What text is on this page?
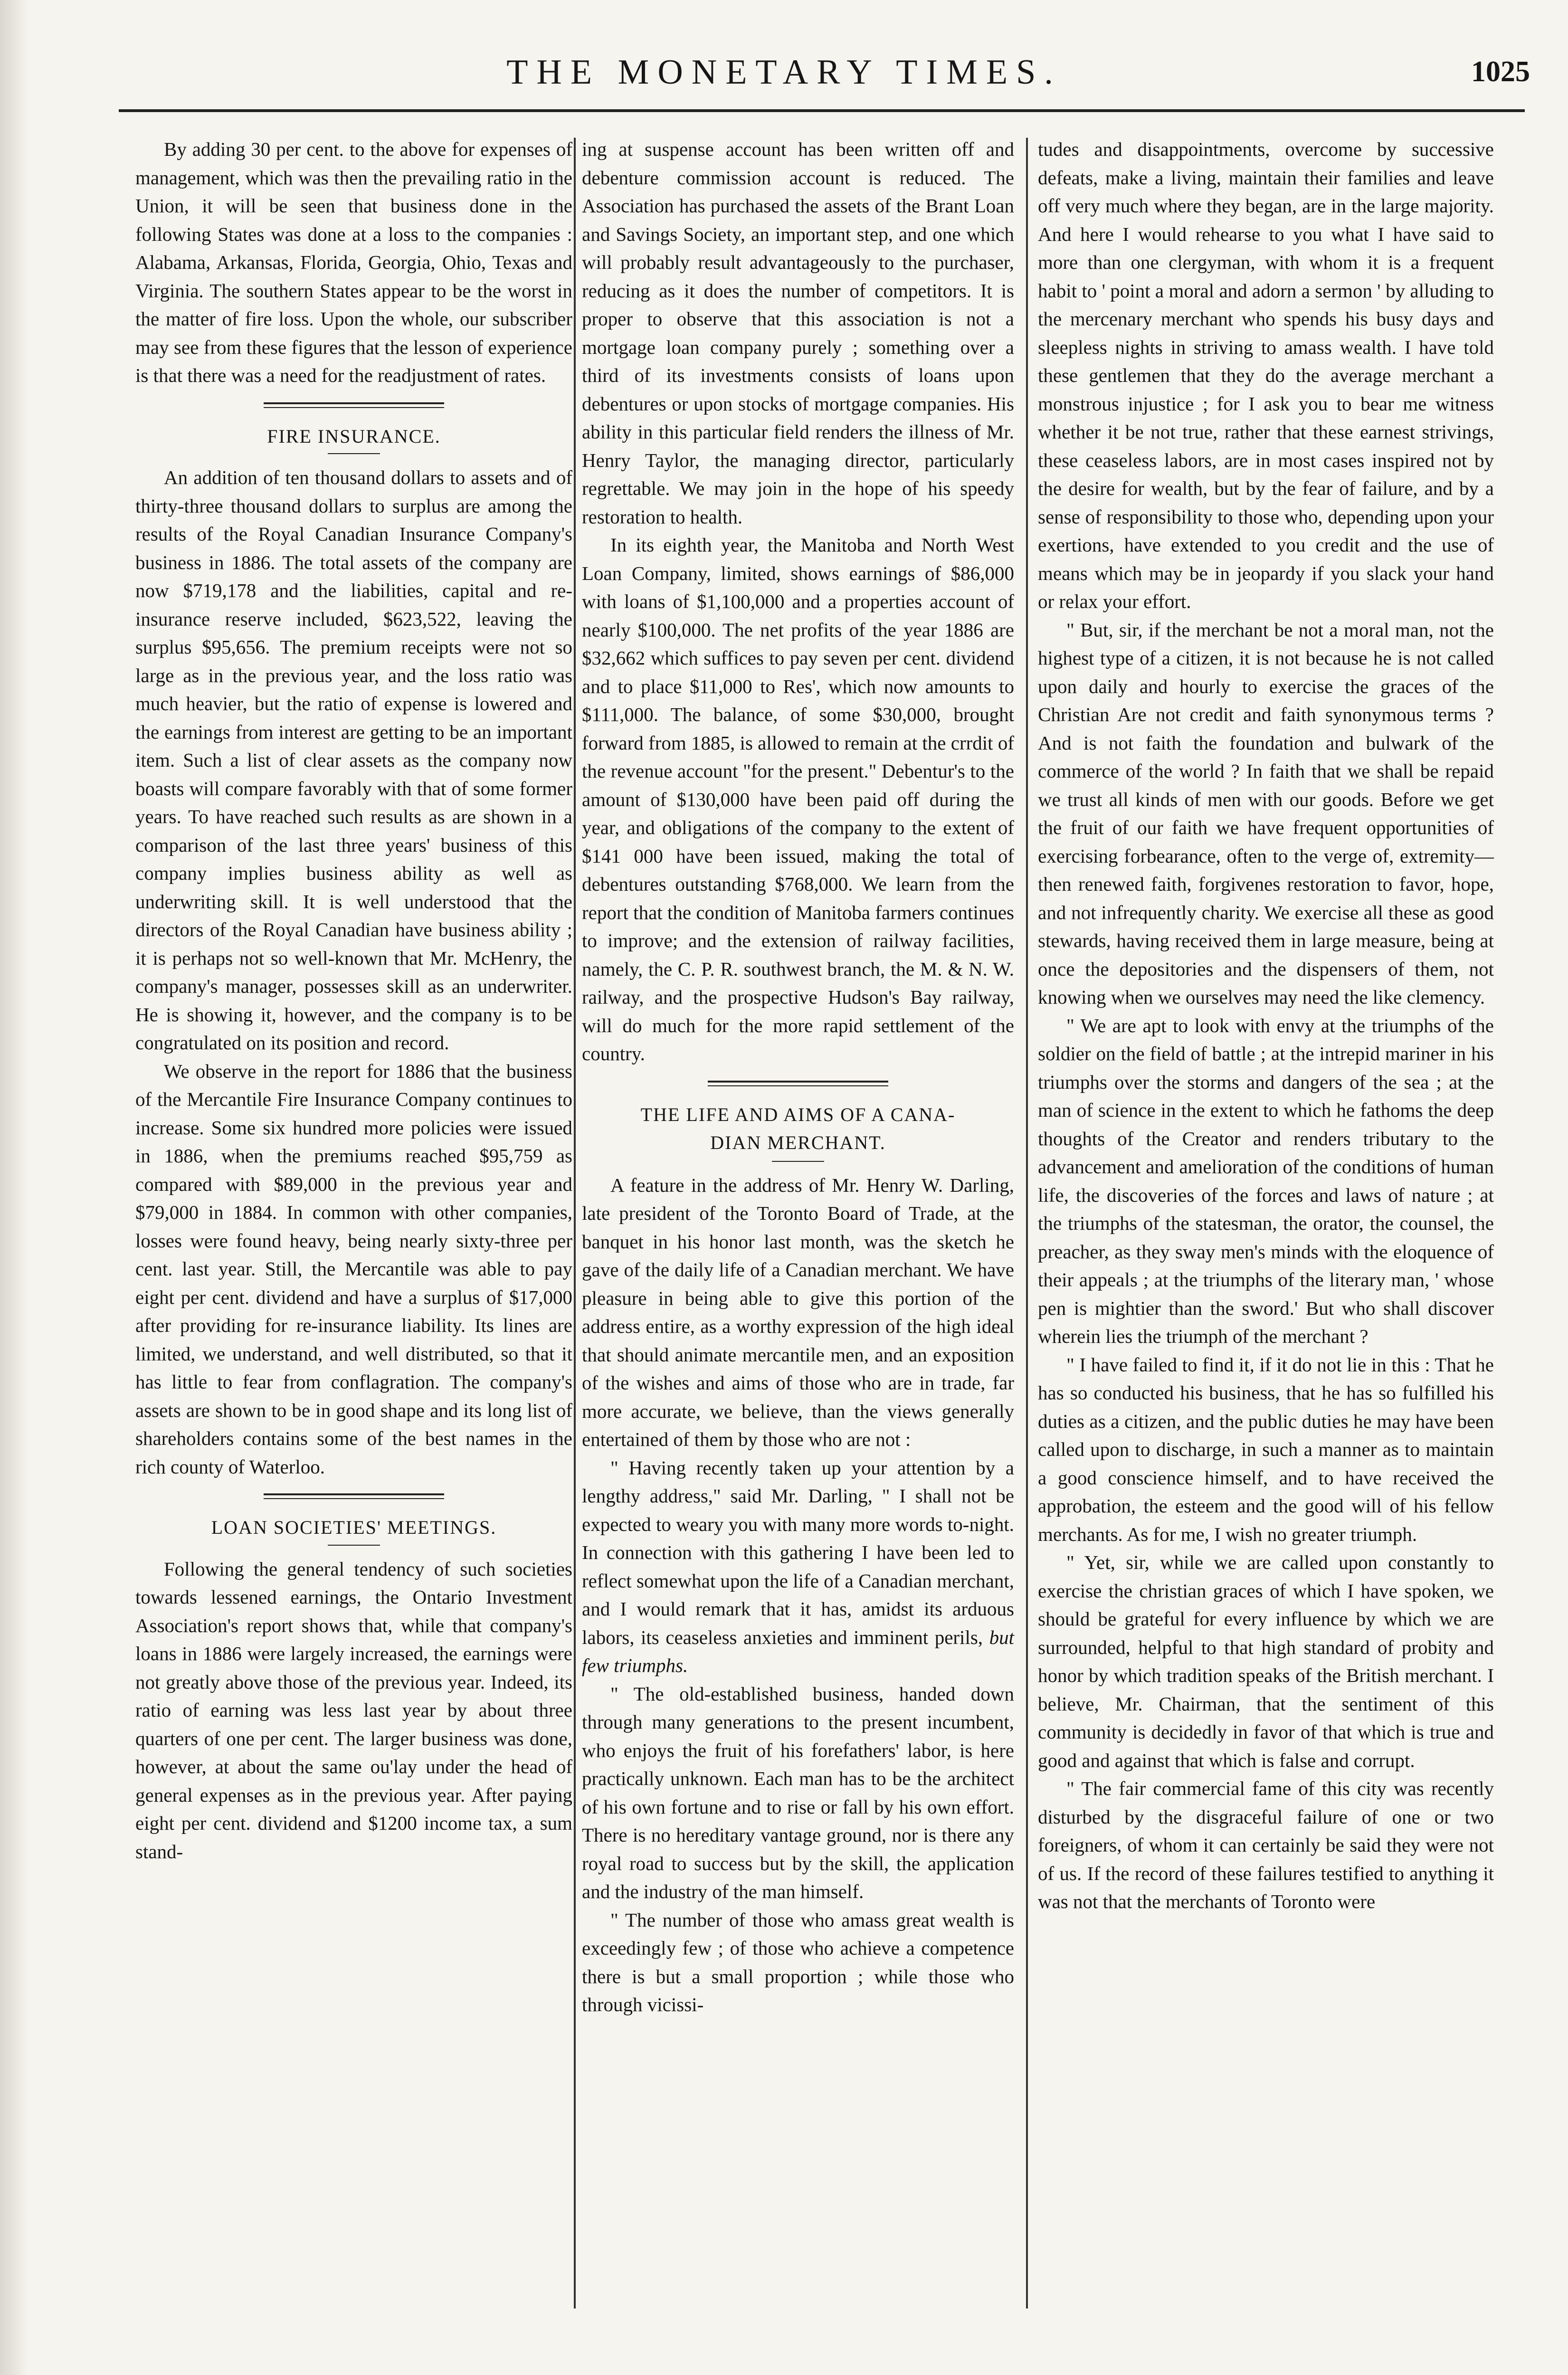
THE MONETARY TIMES.	1025

By adding 30 per cent. to the above for expenses of management, which was then the prevailing ratio in the Union, it will be seen that business done in the following States was done at a loss to the companies : Alabama, Arkansas, Florida, Georgia, Ohio, Texas and Virginia. The southern States appear to be the worst in the matter of fire loss. Upon the whole, our subscriber may see from these figures that the lesson of experience is that there was a need for the readjustment of rates.

FIRE INSURANCE.

An addition of ten thousand dollars to assets and of thirty-three thousand dollars to surplus are among the results of the Royal Canadian Insurance Company's business in 1886. The total assets of the company are now $719,178 and the liabilities, capital and re-insurance reserve included, $623,522, leaving the surplus $95,656. The premium receipts were not so large as in the previous year, and the loss ratio was much heavier, but the ratio of expense is lowered and the earnings from interest are getting to be an important item. Such a list of clear assets as the company now boasts will compare favorably with that of some former years. To have reached such results as are shown in a comparison of the last three years' business of this company implies business ability as well as underwriting skill. It is well understood that the directors of the Royal Canadian have business ability ; it is perhaps not so well-known that Mr. McHenry, the company's manager, possesses skill as an underwriter. He is showing it, however, and the company is to be congratulated on its position and record.

We observe in the report for 1886 that the business of the Mercantile Fire Insurance Company continues to increase. Some six hundred more policies were issued in 1886, when the premiums reached $95,759 as compared with $89,000 in the previous year and $79,000 in 1884. In common with other companies, losses were found heavy, being nearly sixty-three per cent. last year. Still, the Mercantile was able to pay eight per cent. dividend and have a surplus of $17,000 after providing for re-insurance liability. Its lines are limited, we understand, and well distributed, so that it has little to fear from conflagration. The company's assets are shown to be in good shape and its long list of shareholders contains some of the best names in the rich county of Waterloo.

LOAN SOCIETIES' MEETINGS.

Following the general tendency of such societies towards lessened earnings, the Ontario Investment Association's report shows that, while that company's loans in 1886 were largely increased, the earnings were not greatly above those of the previous year. Indeed, its ratio of earning was less last year by about three quarters of one per cent. The larger business was done, however, at about the same ou'lay under the head of general expenses as in the previous year. After paying eight per cent. dividend and $1200 income tax, a sum stand-

ing at suspense account has been written off and debenture commission account is reduced. The Association has purchased the assets of the Brant Loan and Savings Society, an important step, and one which will probably result advantageously to the purchaser, reducing as it does the number of competitors. It is proper to observe that this association is not a mortgage loan company purely ; something over a third of its investments consists of loans upon debentures or upon stocks of mortgage companies. His ability in this particular field renders the illness of Mr. Henry Taylor, the managing director, particularly regrettable. We may join in the hope of his speedy restoration to health.

In its eighth year, the Manitoba and North West Loan Company, limited, shows earnings of $86,000 with loans of $1,100,000 and a properties account of nearly $100,000. The net profits of the year 1886 are $32,662 which suffices to pay seven per cent. dividend and to place $11,000 to Res', which now amounts to $111,000. The balance, of some $30,000, brought forward from 1885, is allowed to remain at the crrdit of the revenue account "for the present." Debentur's to the amount of $130,000 have been paid off during the year, and obligations of the company to the extent of $141 000 have been issued, making the total of debentures outstanding $768,000. We learn from the report that the condition of Manitoba farmers continues to improve; and the extension of railway facilities, namely, the C. P. R. southwest branch, the M. & N. W. railway, and the prospective Hudson's Bay railway, will do much for the more rapid settlement of the country.

THE LIFE AND AIMS OF A CANA-
DIAN MERCHANT.

A feature in the address of Mr. Henry W. Darling, late president of the Toronto Board of Trade, at the banquet in his honor last month, was the sketch he gave of the daily life of a Canadian merchant. We have pleasure in being able to give this portion of the address entire, as a worthy expression of the high ideal that should animate mercantile men, and an exposition of the wishes and aims of those who are in trade, far more accurate, we believe, than the views generally entertained of them by those who are not :

" Having recently taken up your attention by a lengthy address," said Mr. Darling, " I shall not be expected to weary you with many more words to-night. In connection with this gathering I have been led to reflect somewhat upon the life of a Canadian merchant, and I would remark that it has, amidst its arduous labors, its ceaseless anxieties and imminent perils, but few triumphs.

" The old-established business, handed down through many generations to the present incumbent, who enjoys the fruit of his forefathers' labor, is here practically unknown. Each man has to be the architect of his own fortune and to rise or fall by his own effort. There is no hereditary vantage ground, nor is there any royal road to success but by the skill, the application and the industry of the man himself.

" The number of those who amass great wealth is exceedingly few ; of those who achieve a competence there is but a small proportion ; while those who through vicissi-

tudes and disappointments, overcome by successive defeats, make a living, maintain their families and leave off very much where they began, are in the large majority. And here I would rehearse to you what I have said to more than one clergyman, with whom it is a frequent habit to ' point a moral and adorn a sermon ' by alluding to the mercenary merchant who spends his busy days and sleepless nights in striving to amass wealth. I have told these gentlemen that they do the average merchant a monstrous injustice ; for I ask you to bear me witness whether it be not true, rather that these earnest strivings, these ceaseless labors, are in most cases inspired not by the desire for wealth, but by the fear of failure, and by a sense of responsibility to those who, depending upon your exertions, have extended to you credit and the use of means which may be in jeopardy if you slack your hand or relax your effort.

" But, sir, if the merchant be not a moral man, not the highest type of a citizen, it is not because he is not called upon daily and hourly to exercise the graces of the Christian Are not credit and faith synonymous terms ? And is not faith the foundation and bulwark of the commerce of the world ? In faith that we shall be repaid we trust all kinds of men with our goods. Before we get the fruit of our faith we have frequent opportunities of exercising forbearance, often to the verge of, extremity—then renewed faith, forgivenes restoration to favor, hope, and not infrequently charity. We exercise all these as good stewards, having received them in large measure, being at once the depositories and the dispensers of them, not knowing when we ourselves may need the like clemency.

" We are apt to look with envy at the triumphs of the soldier on the field of battle ; at the intrepid mariner in his triumphs over the storms and dangers of the sea ; at the man of science in the extent to which he fathoms the deep thoughts of the Creator and renders tributary to the advancement and amelioration of the conditions of human life, the discoveries of the forces and laws of nature ; at the triumphs of the statesman, the orator, the counsel, the preacher, as they sway men's minds with the eloquence of their appeals ; at the triumphs of the literary man, ' whose pen is mightier than the sword.' But who shall discover wherein lies the triumph of the merchant ?

" I have failed to find it, if it do not lie in this : That he has so conducted his business, that he has so fulfilled his duties as a citizen, and the public duties he may have been called upon to discharge, in such a manner as to maintain a good conscience himself, and to have received the approbation, the esteem and the good will of his fellow merchants. As for me, I wish no greater triumph.

" Yet, sir, while we are called upon constantly to exercise the christian graces of which I have spoken, we should be grateful for every influence by which we are surrounded, helpful to that high standard of probity and honor by which tradition speaks of the British merchant. I believe, Mr. Chairman, that the sentiment of this community is decidedly in favor of that which is true and good and against that which is false and corrupt.

" The fair commercial fame of this city was recently disturbed by the disgraceful failure of one or two foreigners, of whom it can certainly be said they were not of us. If the record of these failures testified to anything it was not that the merchants of Toronto were
